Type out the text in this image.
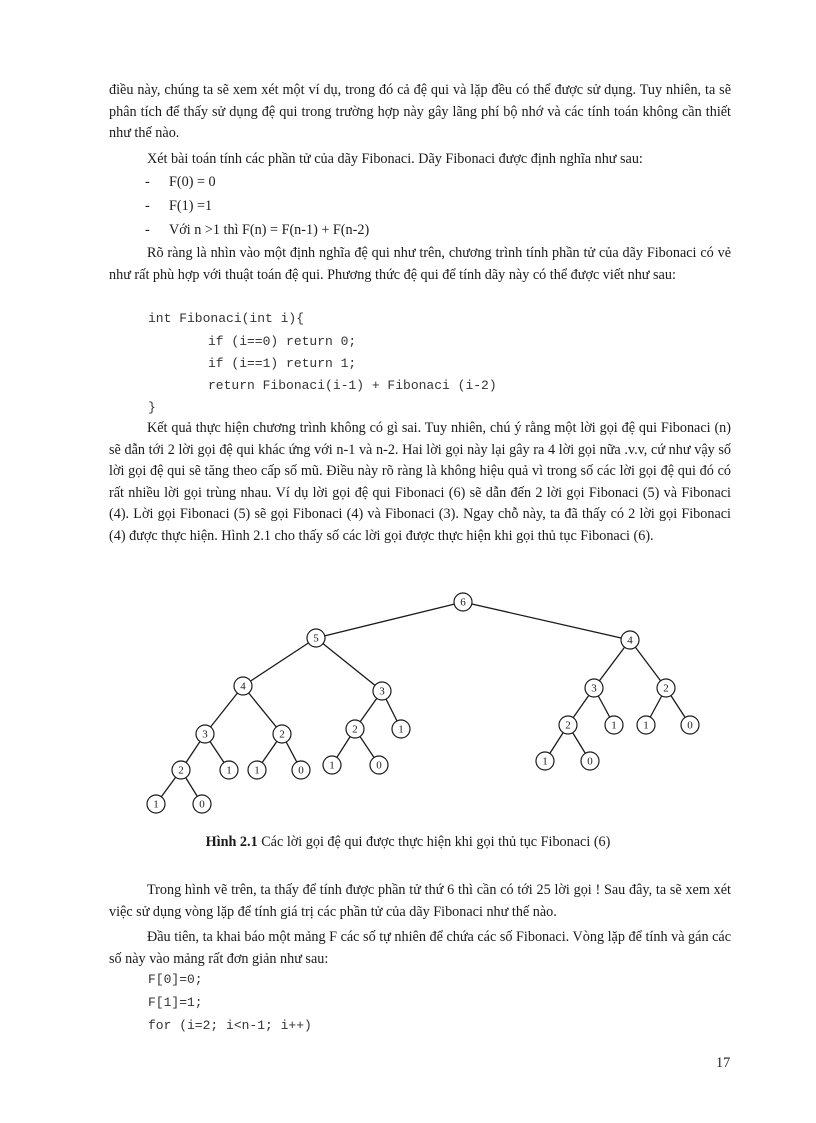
điều này, chúng ta sẽ xem xét một ví dụ, trong đó cả đệ qui và lặp đều có thể được sử dụng. Tuy nhiên, ta sẽ phân tích để thấy sử dụng đệ qui trong trường hợp này gây lãng phí bộ nhớ và các tính toán không cần thiết như thế nào.

Xét bài toán tính các phần tử của dãy Fibonaci. Dãy Fibonaci được định nghĩa như sau:

- F(0) = 0
- F(1) =1
- Với n >1 thì F(n) = F(n-1) + F(n-2)

Rõ ràng là nhìn vào một định nghĩa đệ qui như trên, chương trình tính phần tử của dãy Fibonaci có vẻ như rất phù hợp với thuật toán đệ qui. Phương thức đệ qui để tính dãy này có thể được viết như sau:

int Fibonaci(int i){
if (i==0) return 0;
if (i==1) return 1;
return Fibonaci(i-1) + Fibonaci (i-2)
}

Kết quả thực hiện chương trình không có gì sai. Tuy nhiên, chú ý rằng một lời gọi đệ qui Fibonaci (n) sẽ dẫn tới 2 lời gọi đệ qui khác ứng với n-1 và n-2. Hai lời gọi này lại gây ra 4 lời gọi nữa .v.v, cứ như vậy số lời gọi đệ qui sẽ tăng theo cấp số mũ. Điều này rõ ràng là không hiệu quả vì trong số các lời gọi đệ qui đó có rất nhiều lời gọi trùng nhau. Ví dụ lời gọi đệ qui Fibonaci (6) sẽ dẫn đến 2 lời gọi Fibonaci (5) và Fibonaci (4). Lời gọi Fibonaci (5) sẽ gọi Fibonaci (4) và Fibonaci (3). Ngay chỗ này, ta đã thấy có 2 lời gọi Fibonaci (4) được thực hiện. Hình 2.1 cho thấy số các lời gọi được thực hiện khi gọi thủ tục Fibonaci (6).

6
5	4
4	3	3	2
3	2	2	1	2	1 1	0
2	1 1	0 1	0	1	0
1	0
Hình 2.1 Các lời gọi đệ qui được thực hiện khi gọi thủ tục Fibonaci (6)

Trong hình vẽ trên, ta thấy để tính được phần tử thứ 6 thì cần có tới 25 lời gọi ! Sau đây, ta sẽ xem xét việc sử dụng vòng lặp để tính giá trị các phần tử của dãy Fibonaci như thế nào.

Đầu tiên, ta khai báo một mảng F các số tự nhiên để chứa các số Fibonaci. Vòng lặp để tính và gán các số này vào mảng rất đơn giản như sau:

F[0]=0;
F[1]=1;
for (i=2; i<n-1; i++)
17
